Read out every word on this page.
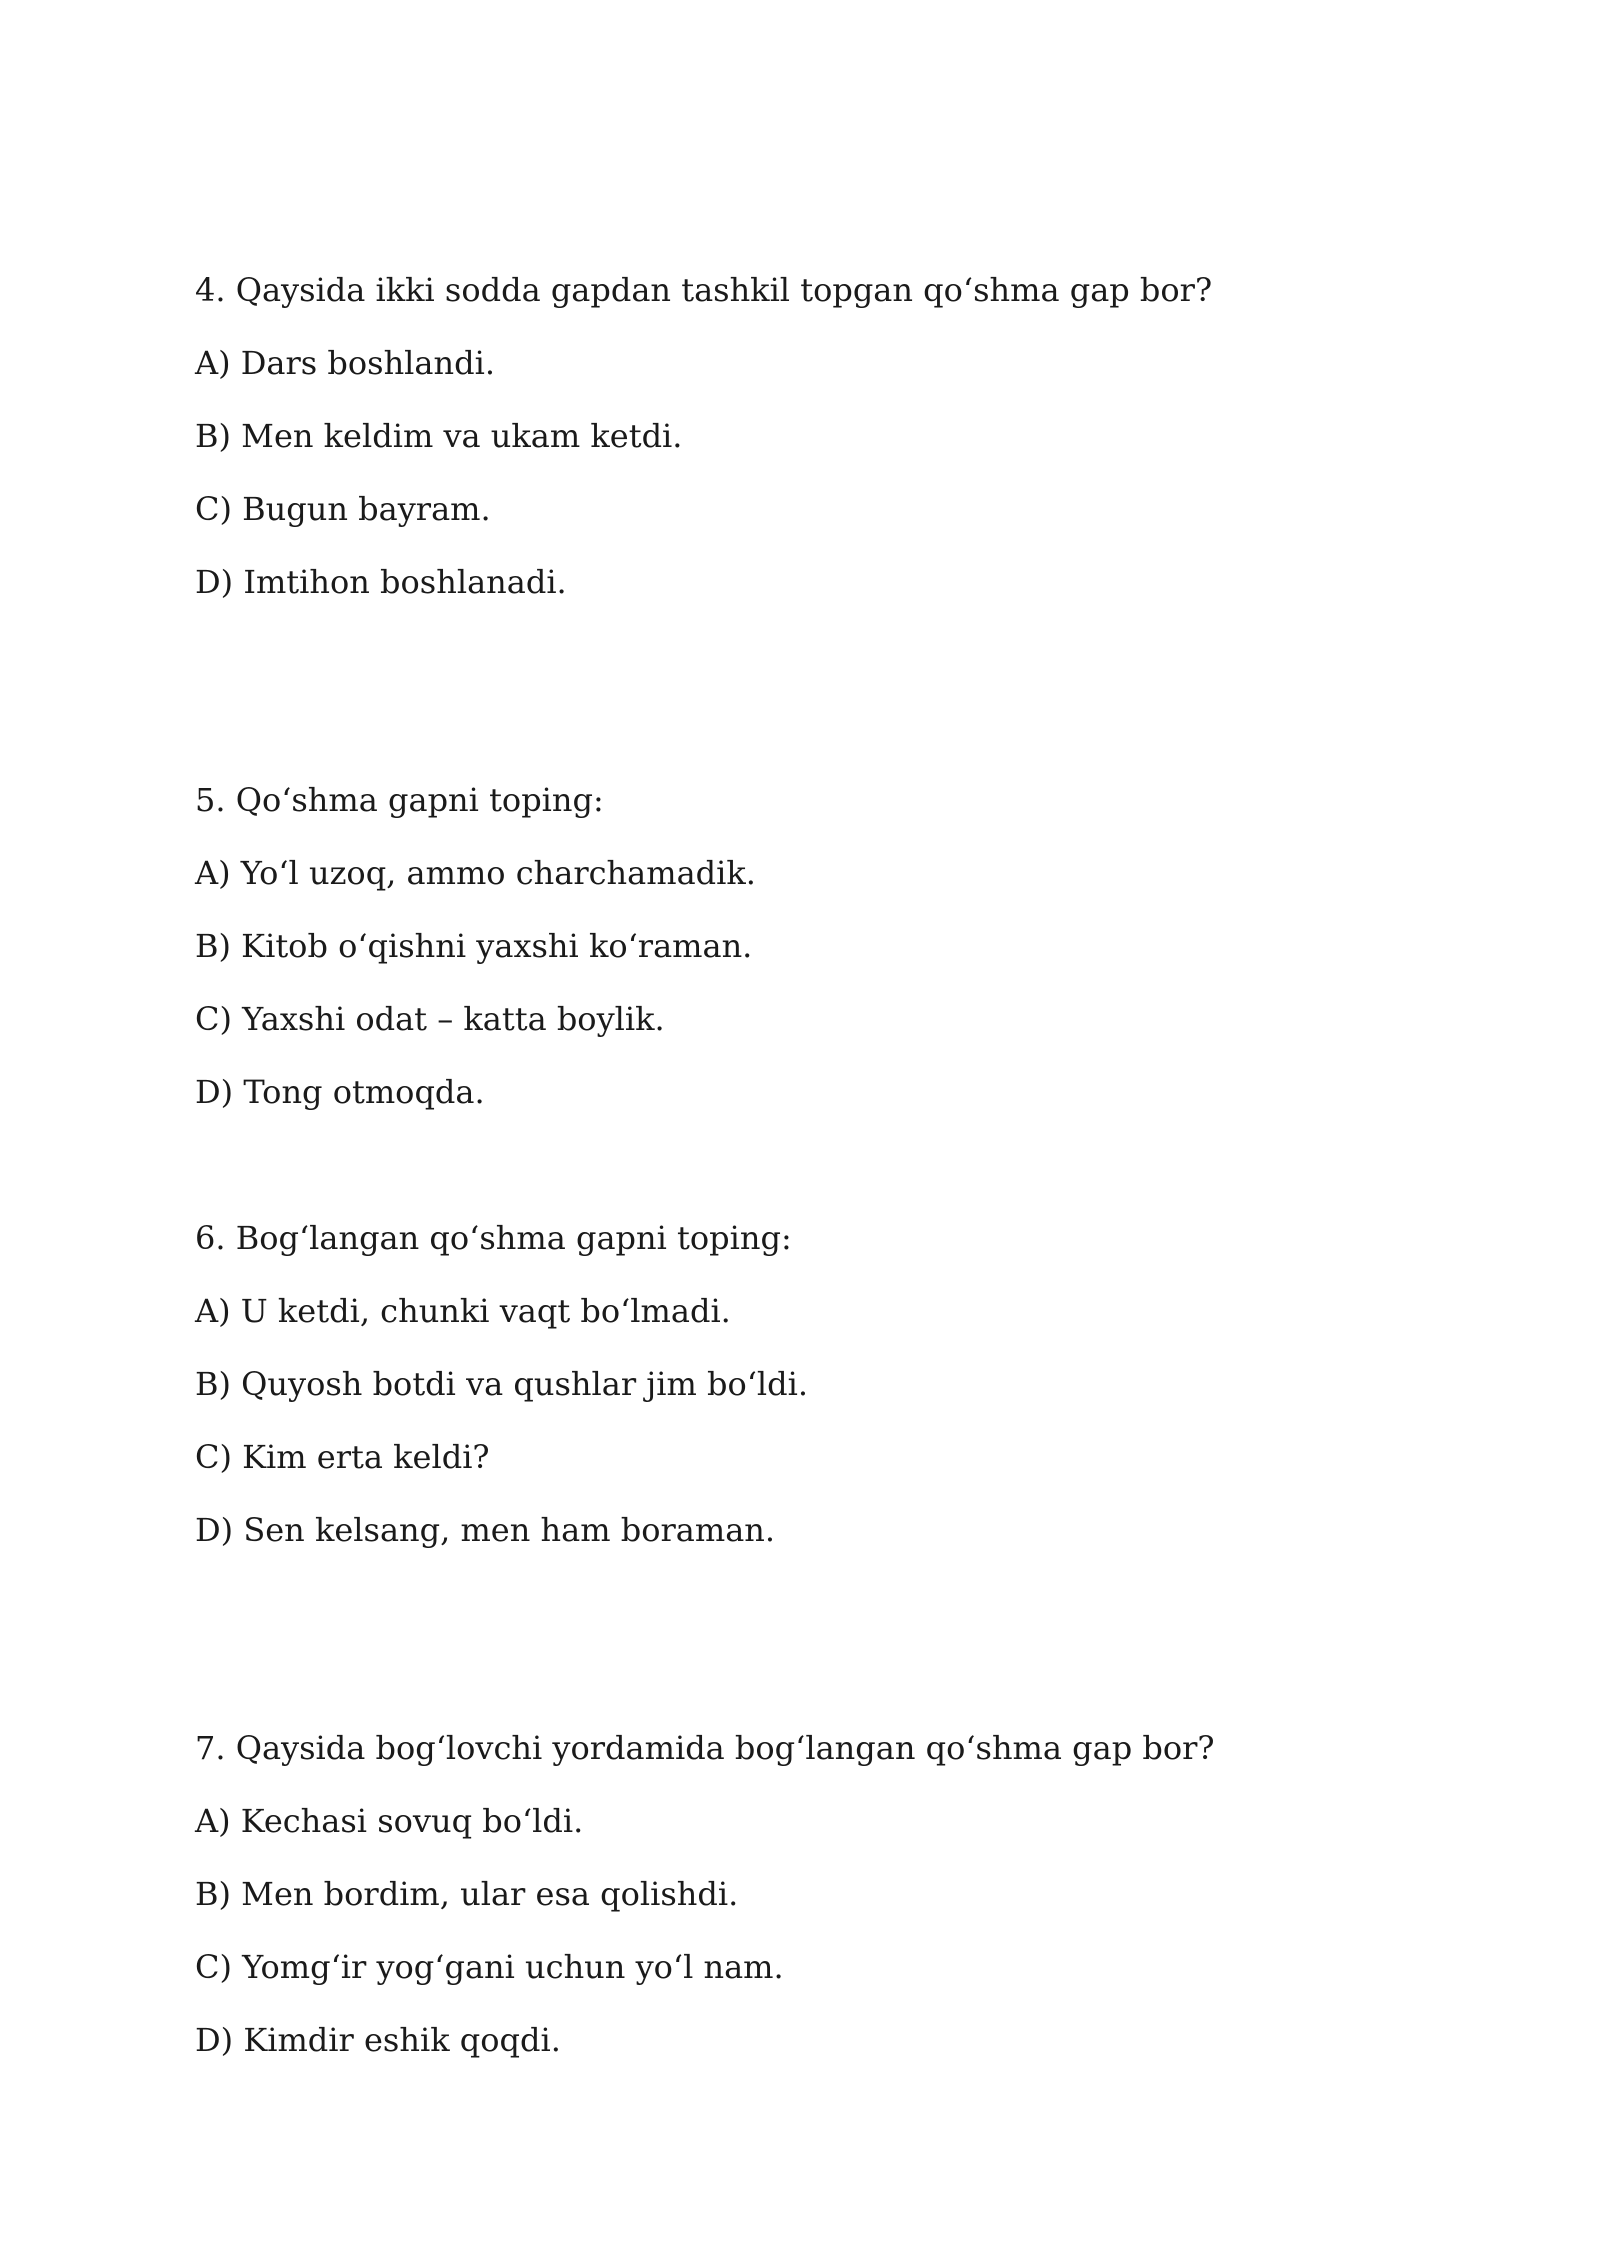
4. Qaysida ikki sodda gapdan tashkil topgan qo‘shma gap bor?
A) Dars boshlandi.
B) Men keldim va ukam ketdi.
C) Bugun bayram.
D) Imtihon boshlanadi.
5. Qo‘shma gapni toping:
A) Yo‘l uzoq, ammo charchamadik.
B) Kitob o‘qishni yaxshi ko‘raman.
C) Yaxshi odat – katta boylik.
D) Tong otmoqda.
6. Bog‘langan qo‘shma gapni toping:
A) U ketdi, chunki vaqt bo‘lmadi.
B) Quyosh botdi va qushlar jim bo‘ldi.
C) Kim erta keldi?
D) Sen kelsang, men ham boraman.
7. Qaysida bog‘lovchi yordamida bog‘langan qo‘shma gap bor?
A) Kechasi sovuq bo‘ldi.
B) Men bordim, ular esa qolishdi.
C) Yomg‘ir yog‘gani uchun yo‘l nam.
D) Kimdir eshik qoqdi.
